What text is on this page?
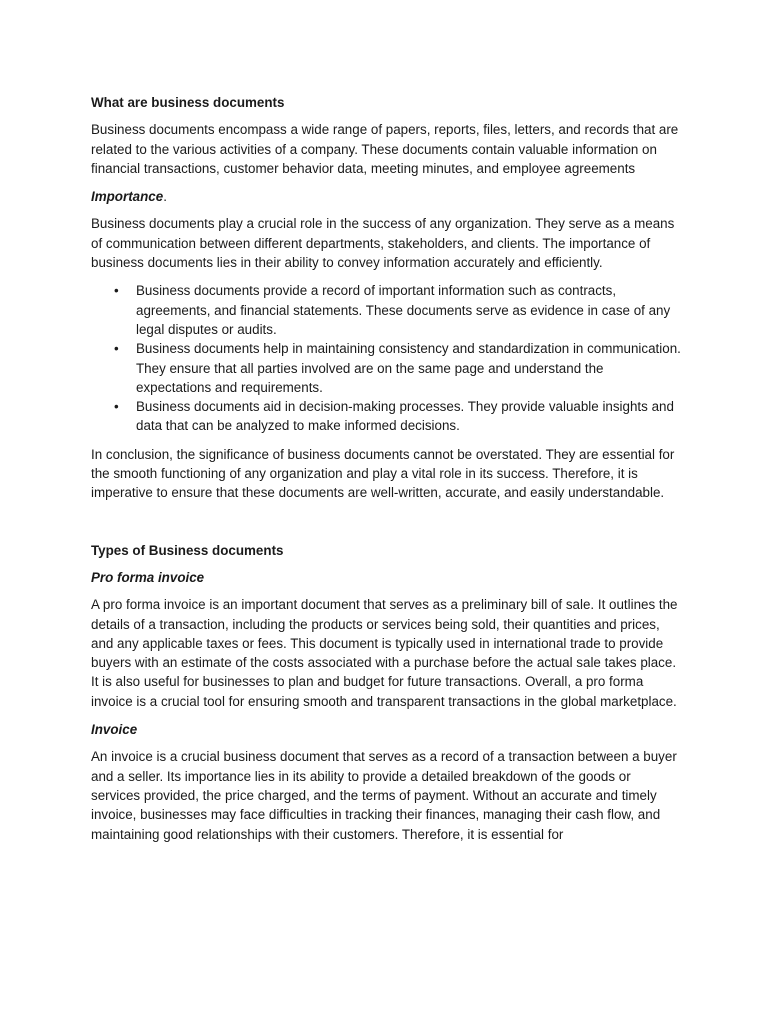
What are business documents

Business documents encompass a wide range of papers, reports, files, letters, and records that are related to the various activities of a company. These documents contain valuable information on financial transactions, customer behavior data, meeting minutes, and employee agreements

Importance.

Business documents play a crucial role in the success of any organization. They serve as a means of communication between different departments, stakeholders, and clients. The importance of business documents lies in their ability to convey information accurately and efficiently.

• Business documents provide a record of important information such as contracts, agreements, and financial statements. These documents serve as evidence in case of any legal disputes or audits.
• Business documents help in maintaining consistency and standardization in communication. They ensure that all parties involved are on the same page and understand the expectations and requirements.
• Business documents aid in decision-making processes. They provide valuable insights and data that can be analyzed to make informed decisions.

In conclusion, the significance of business documents cannot be overstated. They are essential for the smooth functioning of any organization and play a vital role in its success. Therefore, it is imperative to ensure that these documents are well-written, accurate, and easily understandable.

Types of Business documents
Pro forma invoice

A pro forma invoice is an important document that serves as a preliminary bill of sale. It outlines the details of a transaction, including the products or services being sold, their quantities and prices, and any applicable taxes or fees. This document is typically used in international trade to provide buyers with an estimate of the costs associated with a purchase before the actual sale takes place. It is also useful for businesses to plan and budget for future transactions. Overall, a pro forma invoice is a crucial tool for ensuring smooth and transparent transactions in the global marketplace.

Invoice

An invoice is a crucial business document that serves as a record of a transaction between a buyer and a seller. Its importance lies in its ability to provide a detailed breakdown of the goods or services provided, the price charged, and the terms of payment. Without an accurate and timely invoice, businesses may face difficulties in tracking their finances, managing their cash flow, and maintaining good relationships with their customers. Therefore, it is essential for
